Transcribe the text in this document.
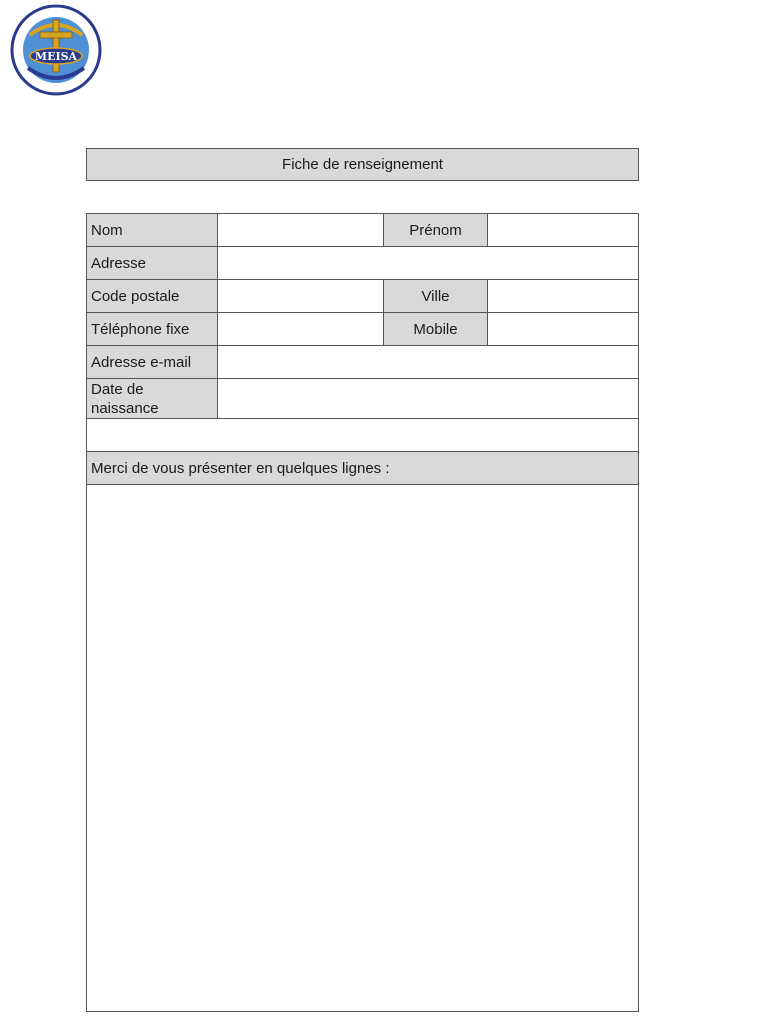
MEISA
Fiche de renseignement
Nom	Prénom
Adresse
Code postale	Ville
Téléphone fixe	Mobile
Adresse e-mail
Date de
naissance
Merci de vous présenter en quelques lignes :
